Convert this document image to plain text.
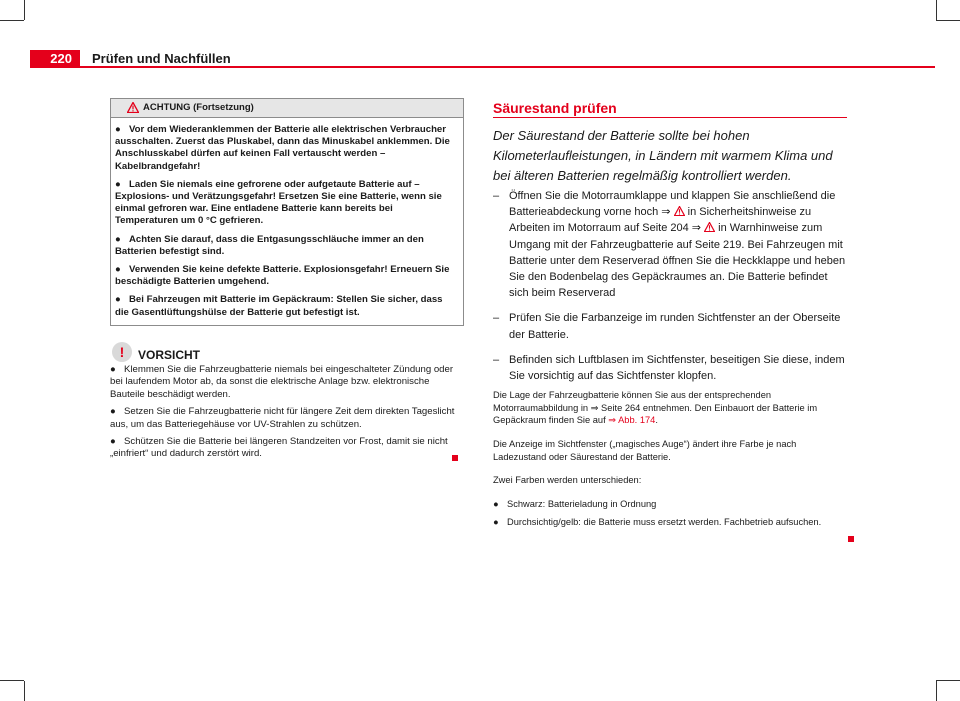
220	Prüfen und Nachfüllen
ACHTUNG (Fortsetzung)
● Vor dem Wiederanklemmen der Batterie alle elektrischen Verbraucher ausschalten. Zuerst das Pluskabel, dann das Minuskabel anklemmen. Die Anschlusskabel dürfen auf keinen Fall vertauscht werden – Kabelbrandgefahr!
● Laden Sie niemals eine gefrorene oder aufgetaute Batterie auf – Explosions- und Verätzungsgefahr! Ersetzen Sie eine Batterie, wenn sie einmal gefroren war. Eine entladene Batterie kann bereits bei Temperaturen um 0 °C gefrieren.
● Achten Sie darauf, dass die Entgasungsschläuche immer an den Batterien befestigt sind.
● Verwenden Sie keine defekte Batterie. Explosionsgefahr! Erneuern Sie beschädigte Batterien umgehend.
● Bei Fahrzeugen mit Batterie im Gepäckraum: Stellen Sie sicher, dass die Gasentlüftungshülse der Batterie gut befestigt ist.
!	VORSICHT
● Klemmen Sie die Fahrzeugbatterie niemals bei eingeschalteter Zündung oder bei laufendem Motor ab, da sonst die elektrische Anlage bzw. elektronische Bauteile beschädigt werden.
● Setzen Sie die Fahrzeugbatterie nicht für längere Zeit dem direkten Tageslicht aus, um das Batteriegehäuse vor UV-Strahlen zu schützen.
● Schützen Sie die Batterie bei längeren Standzeiten vor Frost, damit sie nicht „einfriert“ und dadurch zerstört wird.
Säurestand prüfen
Der Säurestand der Batterie sollte bei hohen Kilometerlaufleistungen, in Ländern mit warmem Klima und bei älteren Batterien regelmäßig kontrolliert werden.
– Öffnen Sie die Motorraumklappe und klappen Sie anschließend die Batterieabdeckung vorne hoch ⇒  in Sicherheitshinweise zu Arbeiten im Motorraum auf Seite 204 ⇒  in Warnhinweise zum Umgang mit der Fahrzeugbatterie auf Seite 219. Bei Fahrzeugen mit Batterie unter dem Reserverad öffnen Sie die Heckklappe und heben Sie den Bodenbelag des Gepäckraumes an. Die Batterie befindet sich beim Reserverad
– Prüfen Sie die Farbanzeige im runden Sichtfenster an der Oberseite der Batterie.
– Befinden sich Luftblasen im Sichtfenster, beseitigen Sie diese, indem Sie vorsichtig auf das Sichtfenster klopfen.

Die Lage der Fahrzeugbatterie können Sie aus der entsprechenden Motorraumabbildung in ⇒ Seite 264 entnehmen. Den Einbauort der Batterie im Gepäckraum finden Sie auf ⇒ Abb. 174.

Die Anzeige im Sichtfenster („magisches Auge“) ändert ihre Farbe je nach Ladezustand oder Säurestand der Batterie.

Zwei Farben werden unterschieden:

● Schwarz: Batterieladung in Ordnung

● Durchsichtig/gelb: die Batterie muss ersetzt werden. Fachbetrieb aufsuchen.
